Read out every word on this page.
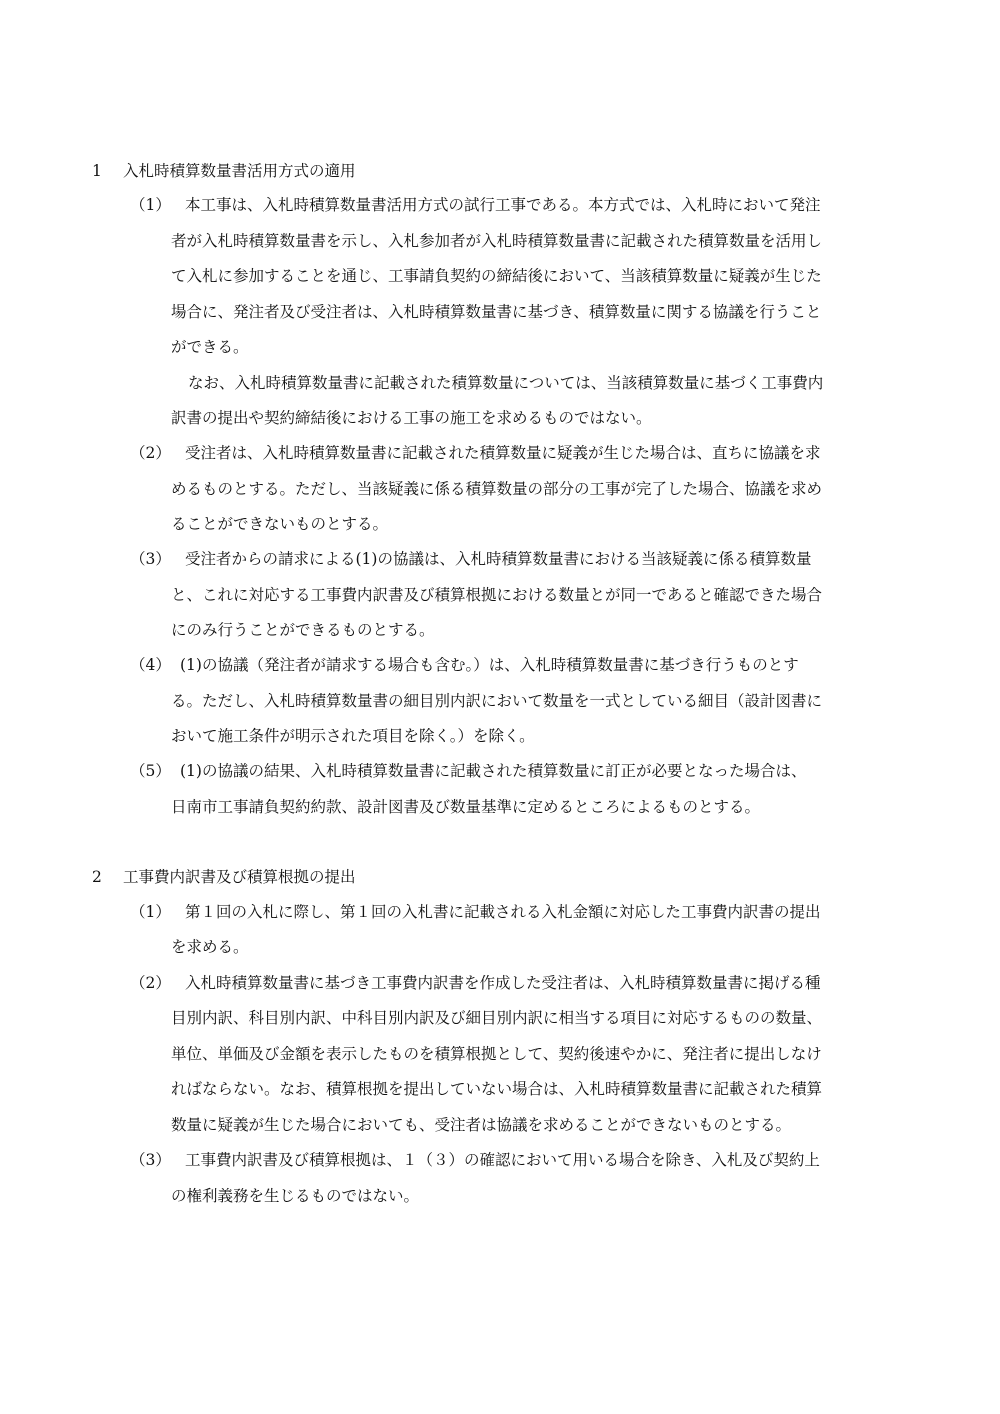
1 入札時積算数量書活用方式の適用
（1） 本工事は、入札時積算数量書活用方式の試行工事である。本方式では、入札時において発注
者が入札時積算数量書を示し、入札参加者が入札時積算数量書に記載された積算数量を活用し
て入札に参加することを通じ、工事請負契約の締結後において、当該積算数量に疑義が生じた
場合に、発注者及び受注者は、入札時積算数量書に基づき、積算数量に関する協議を行うこと
ができる。
なお、入札時積算数量書に記載された積算数量については、当該積算数量に基づく工事費内
訳書の提出や契約締結後における工事の施工を求めるものではない。
（2） 受注者は、入札時積算数量書に記載された積算数量に疑義が生じた場合は、直ちに協議を求
めるものとする。ただし、当該疑義に係る積算数量の部分の工事が完了した場合、協議を求め
ることができないものとする。
（3） 受注者からの請求による(1)の協議は、入札時積算数量書における当該疑義に係る積算数量
と、これに対応する工事費内訳書及び積算根拠における数量とが同一であると確認できた場合
にのみ行うことができるものとする。
（4） (1)の協議（発注者が請求する場合も含む。）は、入札時積算数量書に基づき行うものとす
る。ただし、入札時積算数量書の細目別内訳において数量を一式としている細目（設計図書に
おいて施工条件が明示された項目を除く。）を除く。
（5） (1)の協議の結果、入札時積算数量書に記載された積算数量に訂正が必要となった場合は、
日南市工事請負契約約款、設計図書及び数量基準に定めるところによるものとする。
2 工事費内訳書及び積算根拠の提出
（1） 第１回の入札に際し、第１回の入札書に記載される入札金額に対応した工事費内訳書の提出
を求める。
（2） 入札時積算数量書に基づき工事費内訳書を作成した受注者は、入札時積算数量書に掲げる種
目別内訳、科目別内訳、中科目別内訳及び細目別内訳に相当する項目に対応するものの数量、
単位、単価及び金額を表示したものを積算根拠として、契約後速やかに、発注者に提出しなけ
ればならない。なお、積算根拠を提出していない場合は、入札時積算数量書に記載された積算
数量に疑義が生じた場合においても、受注者は協議を求めることができないものとする。
（3） 工事費内訳書及び積算根拠は、１（３）の確認において用いる場合を除き、入札及び契約上
の権利義務を生じるものではない。
